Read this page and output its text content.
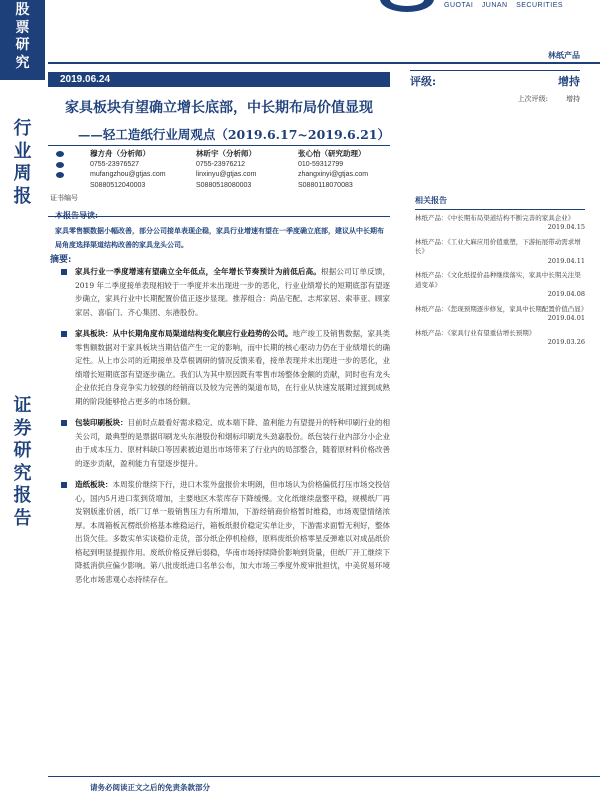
股
票
研
究
行
业
周
报
证
券
研
究
报
告
GUOTAI JUNAN SECURITIES
林纸产品
2019.06.24
家具板块有望确立增长底部，中长期布局价值显现
——轻工造纸行业周观点（2019.6.17~2019.6.21）
评级:	增持
上次评级:	增持
证书编号
穆方舟（分析师）
0755-23976527
mufangzhou@gtjas.com
S0880512040003
林昕宇（分析师）
0755-23976212
linxinyu@gtjas.com
S0880518080003
张心怡（研究助理）
010-59312799
zhangxinyi@gtjas.com
S0880118070083
相关报告
林纸产品：《中长期布局渠道结构不断完善的家具企业》
2019.04.15
林纸产品：《工业大麻应用价值重塑，下游拓展带动需求增长》
2019.04.11
林纸产品：《文化纸提价品种继续落实，家具中长期关注渠道变革》
2019.04.08
林纸产品：《您现预期逐步修复，家具中长期配置价值凸显》
2019.04.01
林纸产品：《家具行业有望重估增长预期》
2019.03.26
本报告导读:
家具零售额数据小幅改善，部分公司接单表现企稳，家具行业增速有望在一季度确立底部，建议从中长期布局角度选择渠道结构改善的家具龙头公司。
摘要:
家具行业一季度增速有望确立全年低点，全年增长节奏预计为前低后高。根据公司订单反馈，2019 年二季度接单表现相较于一季度并未出现进一步的恶化，行业业绩增长的短期底部有望逐步确立，家具行业中长期配置价值正逐步显现。推荐组合：尚品宅配、志邦家居、索菲亚、顾家家居、喜临门、齐心集团、东港股份。
家具板块：从中长期角度布局渠道结构变化顺应行业趋势的公司。地产竣工及销售数据，家具类零售额数据对于家具板块当期估值产生一定的影响，而中长期的核心驱动力仍在于业绩增长的确定性。从上市公司的近期接单及草根调研的情况反馈来看，接单表现并未出现进一步的恶化，业绩增长短期底部有望逐步确立。我们认为其中原因既有零售市场整体金额的贡献，同时也有龙头企业依托自身竞争实力较强的经销商以及较为完善的渠道布局，在行业从快速发展期过渡到成熟期的阶段能够抢占更多的市场份额。
包装印刷板块：目前时点最看好需求稳定、成本端下降、盈利能力有望提升的特种印刷行业的相关公司，最典型的是票据印刷龙头东港股份和烟标印刷龙头劲嘉股份。纸包装行业内部分小企业由于成本压力、原材料缺口等因素被迫退出市场带来了行业内的局部整合，随着原材料价格改善的逐步贡献，盈利能力有望逐步提升。
造纸板块：本周浆价继续下行，进口木浆外盘报价未明朗，但市场认为价格偏低打压市场交投信心，国内5月进口浆到货增加，主要地区木浆库存下降缓慢。文化纸继续盘整平稳，规模纸厂再发钢版涨价函，纸厂订单一般销售压力有所增加，下游经销商价格暂时维稳，市场观望情绪浓厚。本周箱板瓦楞纸价格基本维稳运行，箱板纸报价稳定实单让步，下游需求面暂无利好，整体出货欠佳。多数实单实谈稳价走货，部分纸企停机检修，原料废纸价格零星反弹难以对成品纸价格起到明显提振作用。废纸价格反弹后弱稳，华南市场持续降价影响到货量，但纸厂开工继续下降抵消供应偏少影响。第八批废纸进口名单公布，加大市场三季度外废审批担忧，中美贸易环境恶化市场悲观心态持续存在。
请务必阅读正文之后的免责条款部分
